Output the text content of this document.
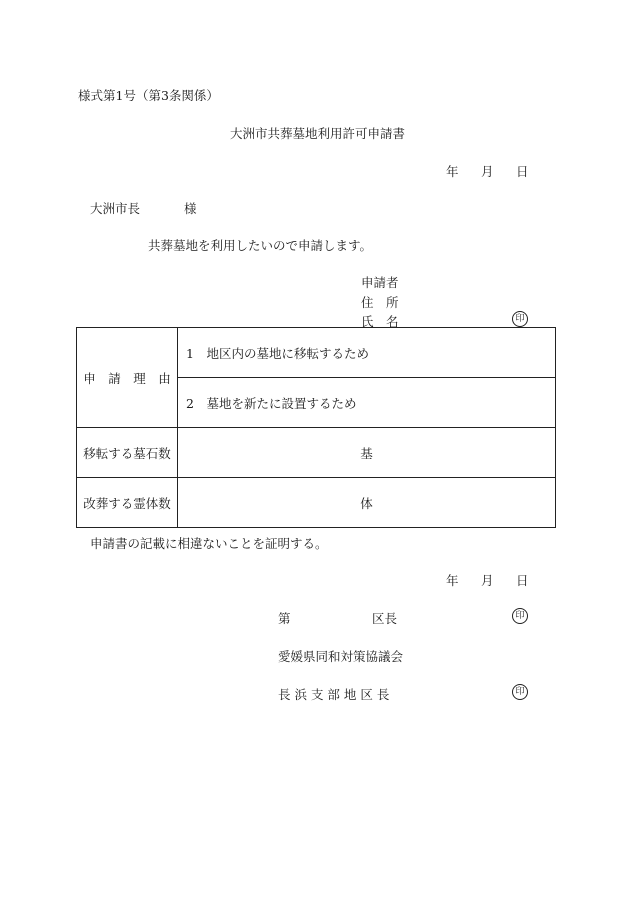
様式第1号（第3条関係）
大洲市共葬墓地利用許可申請書
年 月 日
大洲市長	様
共葬墓地を利用したいので申請します。
申請者
住　所
氏　名	印
申　請　理　由	1　地区内の墓地に移転するため
	2　墓地を新たに設置するため
移転する墓石数	基
改葬する霊体数	体
申請書の記載に相違ないことを証明する。
年 月 日
第	区長	印
愛媛県同和対策協議会
長 浜 支 部 地 区 長	印
